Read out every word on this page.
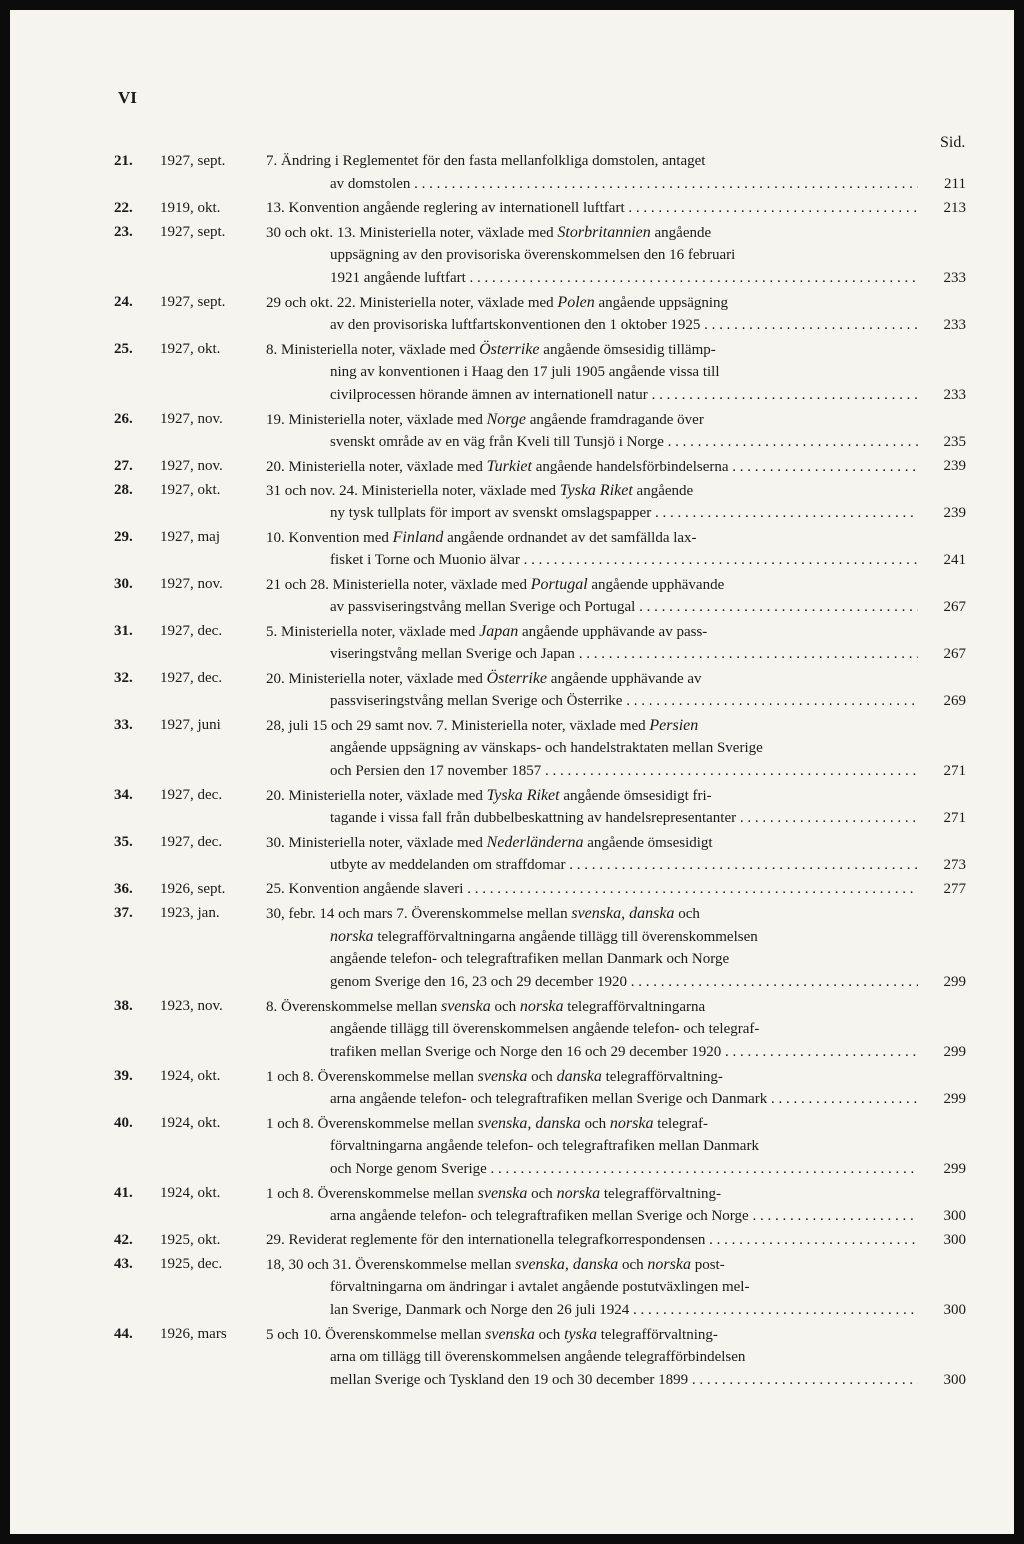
VI
Sid.
21.	1927, sept.	7. Ändring i Reglementet för den fasta mellanfolkliga domstolen, antaget
av domstolen . . .	211
22.	1919, okt.	13. Konvention angående reglering av internationell luftfart . . .	213
23.	1927, sept.	30 och okt. 13. Ministeriella noter, växlade med Storbritannien angående
uppsägning av den provisoriska överenskommelsen den 16 februari
1921 angående luftfart . . .	233
24.	1927, sept.	29 och okt. 22. Ministeriella noter, växlade med Polen angående uppsägning
av den provisoriska luftfartskonventionen den 1 oktober 1925 . . .	233
25.	1927, okt.	8. Ministeriella noter, växlade med Österrike angående ömsesidig tillämp-
ning av konventionen i Haag den 17 juli 1905 angående vissa till
civilprocessen hörande ämnen av internationell natur . . .	233
26.	1927, nov.	19. Ministeriella noter, växlade med Norge angående framdragande över
svenskt område av en väg från Kveli till Tunsjö i Norge . . .	235
27.	1927, nov.	20. Ministeriella noter, växlade med Turkiet angående handelsförbindelserna . . .	239
28.	1927, okt.	31 och nov. 24. Ministeriella noter, växlade med Tyska Riket angående
ny tysk tullplats för import av svenskt omslagspapper . . .	239
29.	1927, maj	10. Konvention med Finland angående ordnandet av det samfällda lax-
fisket i Torne och Muonio älvar . . .	241
30.	1927, nov.	21 och 28. Ministeriella noter, växlade med Portugal angående upphävande
av passviseringstvång mellan Sverige och Portugal . . .	267
31.	1927, dec.	5. Ministeriella noter, växlade med Japan angående upphävande av pass-
viseringstvång mellan Sverige och Japan . . .	267
32.	1927, dec.	20. Ministeriella noter, växlade med Österrike angående upphävande av
passviseringstvång mellan Sverige och Österrike . . .	269
33.	1927, juni	28, juli 15 och 29 samt nov. 7. Ministeriella noter, växlade med Persien
angående uppsägning av vänskaps- och handelstraktaten mellan Sverige
och Persien den 17 november 1857 . . .	271
34.	1927, dec.	20. Ministeriella noter, växlade med Tyska Riket angående ömsesidigt fri-
tagande i vissa fall från dubbelbeskattning av handelsrepresentanter . . .	271
35.	1927, dec.	30. Ministeriella noter, växlade med Nederländerna angående ömsesidigt
utbyte av meddelanden om straffdomar . . .	273
36.	1926, sept.	25. Konvention angående slaveri . . .	277
37.	1923, jan.	30, febr. 14 och mars 7. Överenskommelse mellan svenska, danska och
norska telegrafförvaltningarna angående tillägg till överenskommelsen
angående telefon- och telegraftrafiken mellan Danmark och Norge
genom Sverige den 16, 23 och 29 december 1920 . . .	299
38.	1923, nov.	8. Överenskommelse mellan svenska och norska telegrafförvaltningarna
angående tillägg till överenskommelsen angående telefon- och telegraf-
trafiken mellan Sverige och Norge den 16 och 29 december 1920 . . .	299
39.	1924, okt.	1 och 8. Överenskommelse mellan svenska och danska telegrafförvaltning-
arna angående telefon- och telegraftrafiken mellan Sverige och Danmark . . .	299
40.	1924, okt.	1 och 8. Överenskommelse mellan svenska, danska och norska telegraf-
förvaltningarna angående telefon- och telegraftrafiken mellan Danmark
och Norge genom Sverige . . .	299
41.	1924, okt.	1 och 8. Överenskommelse mellan svenska och norska telegrafförvaltning-
arna angående telefon- och telegraftrafiken mellan Sverige och Norge . . .	300
42.	1925, okt.	29. Reviderat reglemente för den internationella telegrafkorrespondensen . . .	300
43.	1925, dec.	18, 30 och 31. Överenskommelse mellan svenska, danska och norska post-
förvaltningarna om ändringar i avtalet angående postutväxlingen mel-
lan Sverige, Danmark och Norge den 26 juli 1924 . . .	300
44.	1926, mars	5 och 10. Överenskommelse mellan svenska och tyska telegrafförvaltning-
arna om tillägg till överenskommelsen angående telegrafförbindelsen
mellan Sverige och Tyskland den 19 och 30 december 1899 . . .	300
